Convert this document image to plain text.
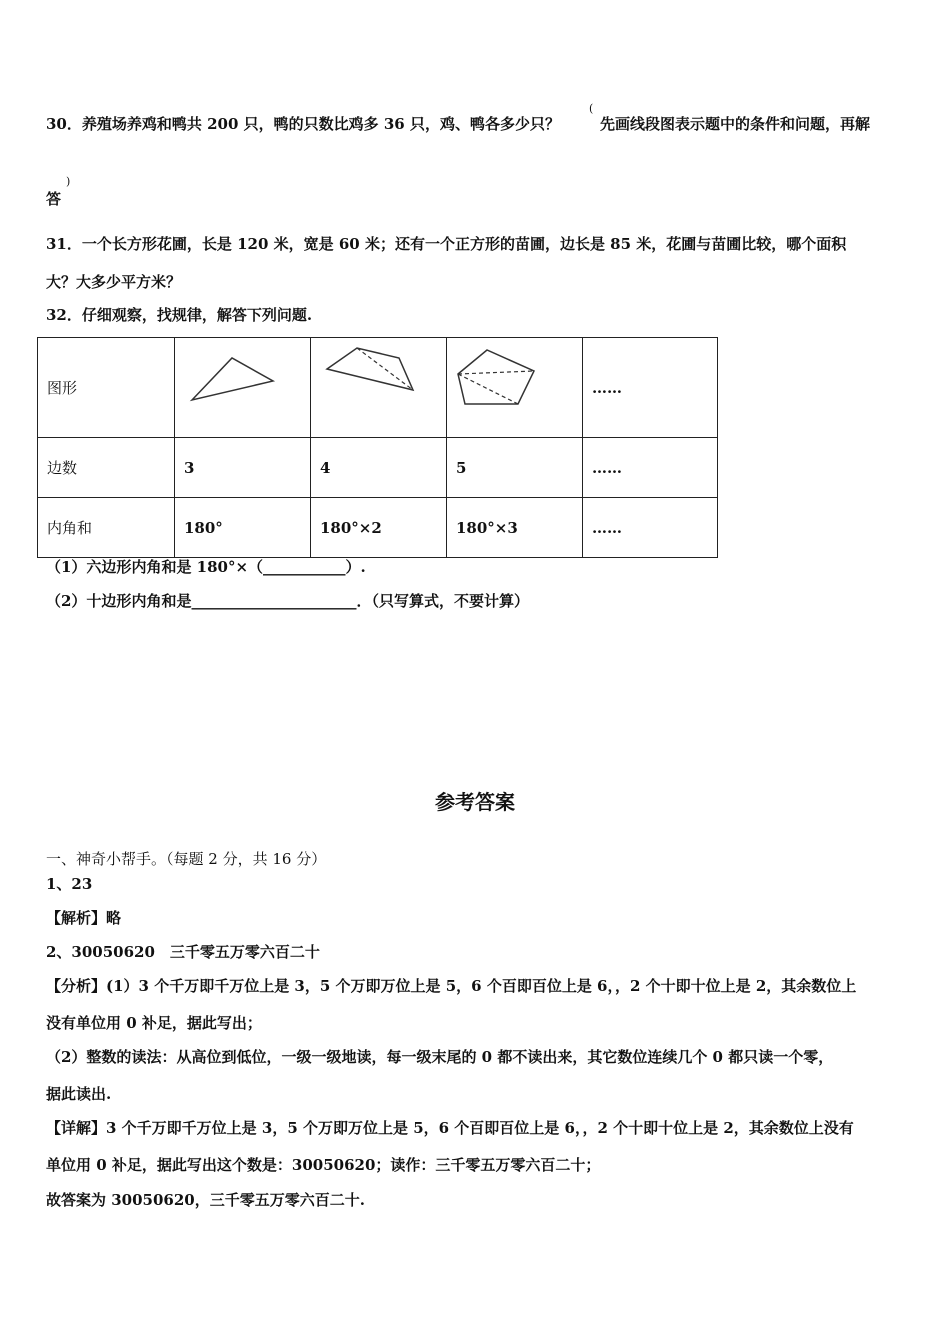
30．养殖场养鸡和鸭共 200 只，鸭的只数比鸡多 36 只，鸡、鸭各多少只？
(
先画线段图表示题中的条件和问题，再解
)
答
31．一个长方形花圃，长是 120 米，宽是 60 米；还有一个正方形的苗圃，边长是 85 米，花圃与苗圃比较，哪个面积
大？大多少平方米？
32．仔细观察，找规律，解答下列问题.
图形				……
边数	3	4	5	……
内角和	180°	180°×2	180°×3	……
（1）六边形内角和是 180°×（___________）.
（2）十边形内角和是______________________．（只写算式，不要计算）
参考答案
一、神奇小帮手。（每题 2 分，共 16 分）
1、23
【解析】略
2、30050620　三千零五万零六百二十
【分析】(1）3 个千万即千万位上是 3，5 个万即万位上是 5，6 个百即百位上是 6，，2 个十即十位上是 2，其余数位上
没有单位用 0 补足，据此写出；
（2）整数的读法：从高位到低位，一级一级地读，每一级末尾的 0 都不读出来，其它数位连续几个 0 都只读一个零，
据此读出.
【详解】3 个千万即千万位上是 3，5 个万即万位上是 5，6 个百即百位上是 6，，2 个十即十位上是 2，其余数位上没有
单位用 0 补足，据此写出这个数是：30050620；读作：三千零五万零六百二十；
故答案为 30050620，三千零五万零六百二十.
